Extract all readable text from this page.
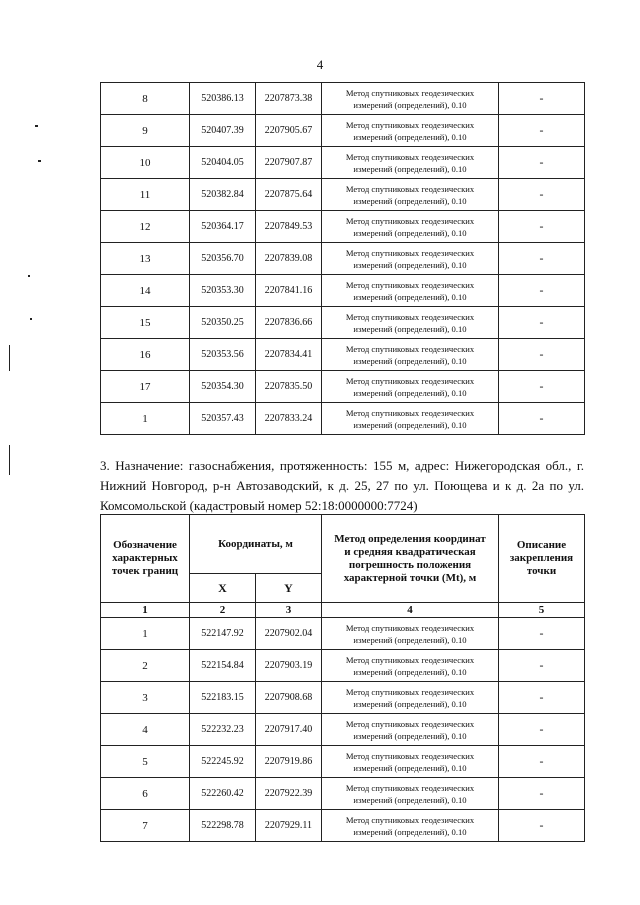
4
8	520386.13	2207873.38	Метод спутниковых геодезических
измерений (определений), 0.10	-
9	520407.39	2207905.67	Метод спутниковых геодезических
измерений (определений), 0.10	-
10	520404.05	2207907.87	Метод спутниковых геодезических
измерений (определений), 0.10	-
11	520382.84	2207875.64	Метод спутниковых геодезических
измерений (определений), 0.10	-
12	520364.17	2207849.53	Метод спутниковых геодезических
измерений (определений), 0.10	-
13	520356.70	2207839.08	Метод спутниковых геодезических
измерений (определений), 0.10	-
14	520353.30	2207841.16	Метод спутниковых геодезических
измерений (определений), 0.10	-
15	520350.25	2207836.66	Метод спутниковых геодезических
измерений (определений), 0.10	-
16	520353.56	2207834.41	Метод спутниковых геодезических
измерений (определений), 0.10	-
17	520354.30	2207835.50	Метод спутниковых геодезических
измерений (определений), 0.10	-
1	520357.43	2207833.24	Метод спутниковых геодезических
измерений (определений), 0.10	-
3. Назначение: газоснабжения, протяженность: 155 м, адрес: Нижегородская обл., г. Нижний Новгород, р-н Автозаводский, к д. 25, 27 по ул. Поющева и к д. 2а по ул. Комсомольской (кадастровый номер 52:18:0000000:7724)
Обозначение
характерных
точек границ	Координаты, м		Метод определения координат
и средняя квадратическая
погрешность положения
характерной точки (Mt), м	Описание
закрепления
точки
	X	Y		
1	2	3	4	5
1	522147.92	2207902.04	Метод спутниковых геодезических
измерений (определений), 0.10	-
2	522154.84	2207903.19	Метод спутниковых геодезических
измерений (определений), 0.10	-
3	522183.15	2207908.68	Метод спутниковых геодезических
измерений (определений), 0.10	-
4	522232.23	2207917.40	Метод спутниковых геодезических
измерений (определений), 0.10	-
5	522245.92	2207919.86	Метод спутниковых геодезических
измерений (определений), 0.10	-
6	522260.42	2207922.39	Метод спутниковых геодезических
измерений (определений), 0.10	-
7	522298.78	2207929.11	Метод спутниковых геодезических
измерений (определений), 0.10	-
